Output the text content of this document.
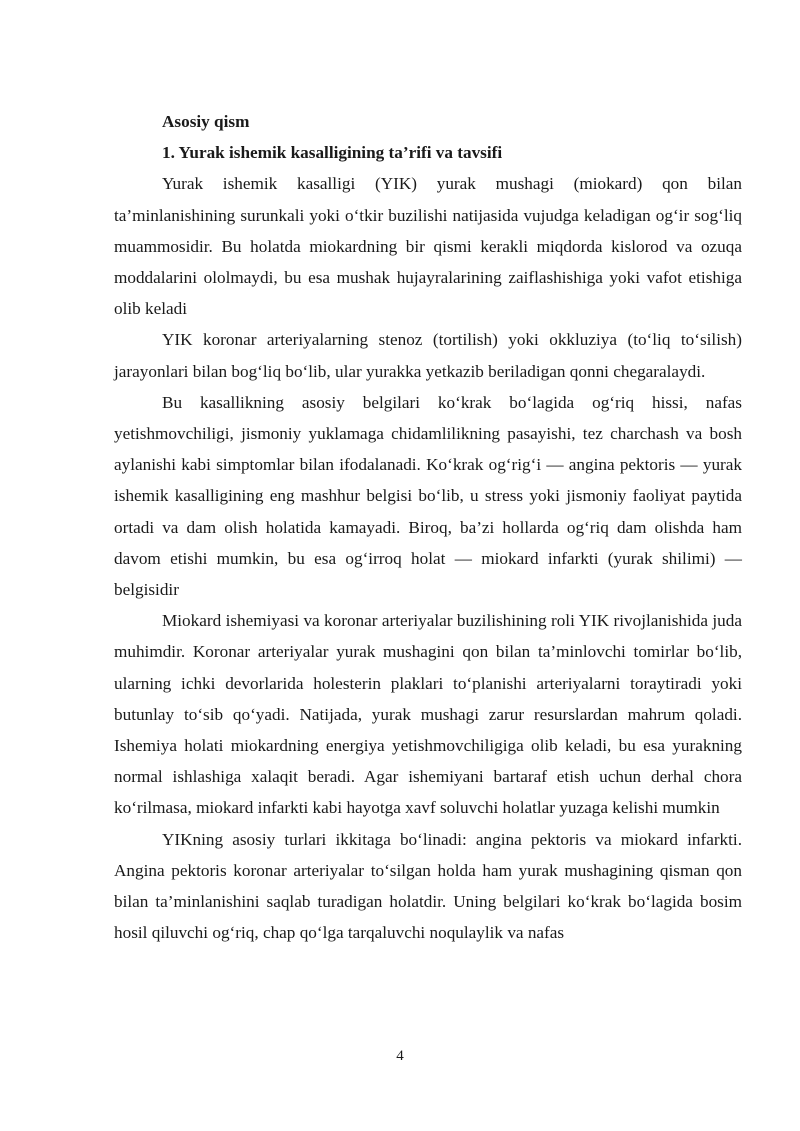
Asosiy qism

1. Yurak ishemik kasalligining ta’rifi va tavsifi

Yurak ishemik kasalligi (YIK) yurak mushagi (miokard) qon bilan ta’minlanishining surunkali yoki o‘tkir buzilishi natijasida vujudga keladigan og‘ir sog‘liq muammosidir. Bu holatda miokardning bir qismi kerakli miqdorda kislorod va ozuqa moddalarini ololmaydi, bu esa mushak hujayralarining zaiflashishiga yoki vafot etishiga olib keladi

YIK koronar arteriyalarning stenoz (tortilish) yoki okkluziya (to‘liq to‘silish) jarayonlari bilan bog‘liq bo‘lib, ular yurakka yetkazib beriladigan qonni chegaralaydi.

Bu kasallikning asosiy belgilari ko‘krak bo‘lagida og‘riq hissi, nafas yetishmovchiligi, jismoniy yuklamaga chidamlilikning pasayishi, tez charchash va bosh aylanishi kabi simptomlar bilan ifodalanadi. Ko‘krak og‘rig‘i — angina pektoris — yurak ishemik kasalligining eng mashhur belgisi bo‘lib, u stress yoki jismoniy faoliyat paytida ortadi va dam olish holatida kamayadi. Biroq, ba’zi hollarda og‘riq dam olishda ham davom etishi mumkin, bu esa og‘irroq holat — miokard infarkti (yurak shilimi) — belgisidir

Miokard ishemiyasi va koronar arteriyalar buzilishining roli YIK rivojlanishida juda muhimdir. Koronar arteriyalar yurak mushagini qon bilan ta’minlovchi tomirlar bo‘lib, ularning ichki devorlarida holesterin plaklari to‘planishi arteriyalarni toraytiradi yoki butunlay to‘sib qo‘yadi. Natijada, yurak mushagi zarur resurslardan mahrum qoladi. Ishemiya holati miokardning energiya yetishmovchiligiga olib keladi, bu esa yurakning normal ishlashiga xalaqit beradi. Agar ishemiyani bartaraf etish uchun derhal chora ko‘rilmasa, miokard infarkti kabi hayotga xavf soluvchi holatlar yuzaga kelishi mumkin

YIKning asosiy turlari ikkitaga bo‘linadi: angina pektoris va miokard infarkti. Angina pektoris koronar arteriyalar to‘silgan holda ham yurak mushagining qisman qon bilan ta’minlanishini saqlab turadigan holatdir. Uning belgilari ko‘krak bo‘lagida bosim hosil qiluvchi og‘riq, chap qo‘lga tarqaluvchi noqulaylik va nafas

4
